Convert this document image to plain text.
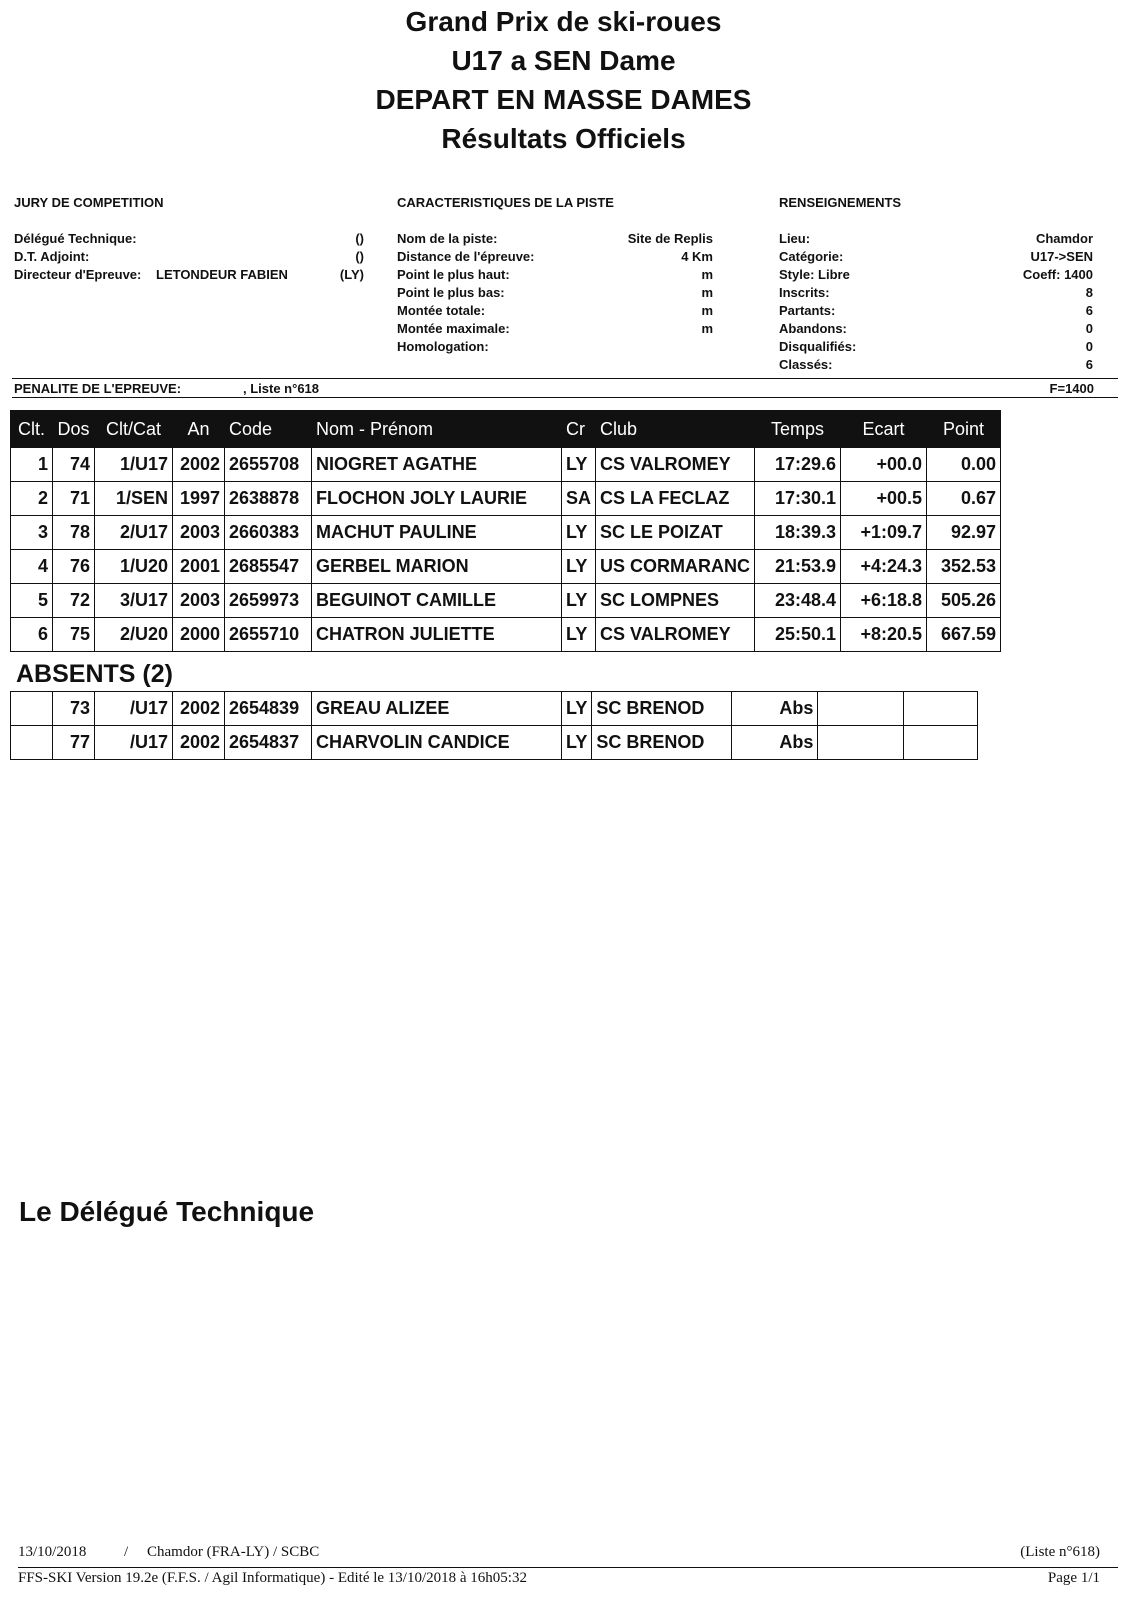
Grand Prix de ski-roues
U17 a SEN Dame
DEPART EN MASSE DAMES
Résultats Officiels
JURY DE COMPETITION
Délégué Technique:	()
D.T. Adjoint:	()
Directeur d'Epreuve: LETONDEUR FABIEN	(LY)
CARACTERISTIQUES DE LA PISTE
Nom de la piste:	Site de Replis
Distance de l'épreuve:	4 Km
Point le plus haut:	m
Point le plus bas:	m
Montée totale:	m
Montée maximale:	m
Homologation:
RENSEIGNEMENTS
Lieu:	Chamdor
Catégorie:	U17->SEN
Style: Libre	Coeff: 1400
Inscrits:	8
Partants:	6
Abandons:	0
Disqualifiés:	0
Classés:	6
PENALITE DE L'EPREUVE:	, Liste n°618	F=1400
Clt.	Dos	Clt/Cat	An	Code	Nom - Prénom	Cr	Club	Temps	Ecart	Point
1	74	1/U17	2002	2655708	NIOGRET AGATHE	LY	CS VALROMEY	17:29.6	+00.0	0.00
2	71	1/SEN	1997	2638878	FLOCHON JOLY LAURIE	SA	CS LA FECLAZ	17:30.1	+00.5	0.67
3	78	2/U17	2003	2660383	MACHUT PAULINE	LY	SC LE POIZAT	18:39.3	+1:09.7	92.97
4	76	1/U20	2001	2685547	GERBEL MARION	LY	US CORMARANC	21:53.9	+4:24.3	352.53
5	72	3/U17	2003	2659973	BEGUINOT CAMILLE	LY	SC LOMPNES	23:48.4	+6:18.8	505.26
6	75	2/U20	2000	2655710	CHATRON JULIETTE	LY	CS VALROMEY	25:50.1	+8:20.5	667.59
ABSENTS (2)
	73	/U17	2002	2654839	GREAU ALIZEE	LY	SC BRENOD	Abs		
	77	/U17	2002	2654837	CHARVOLIN CANDICE	LY	SC BRENOD	Abs		
Le Délégué Technique
13/10/2018	/ Chamdor (FRA-LY) / SCBC	(Liste n°618)
FFS-SKI Version 19.2e (F.F.S. / Agil Informatique) - Edité le 13/10/2018 à 16h05:32	Page 1/1
